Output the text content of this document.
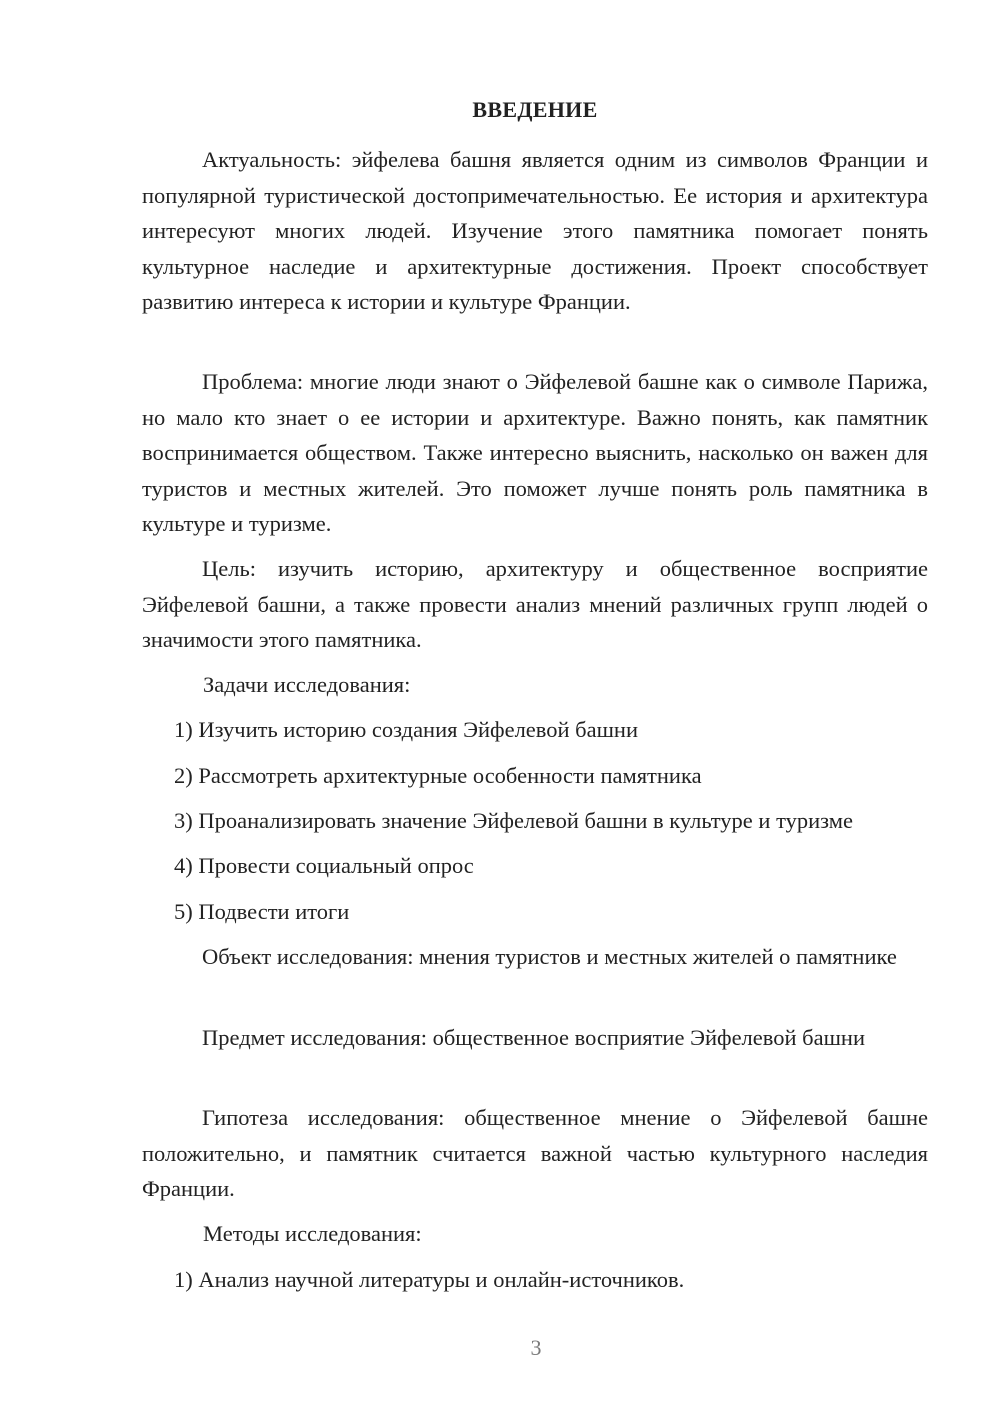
ВВЕДЕНИЕ

Актуальность: эйфелева башня является одним из символов Франции и популярной туристической достопримечательностью. Ее история и архитектура интересуют многих людей. Изучение этого памятника помогает понять культурное наследие и архитектурные достижения. Проект способствует развитию интереса к истории и культуре Франции.

Проблема: многие люди знают о Эйфелевой башне как о символе Парижа, но мало кто знает о ее истории и архитектуре. Важно понять, как памятник воспринимается обществом. Также интересно выяснить, насколько он важен для туристов и местных жителей. Это поможет лучше понять роль памятника в культуре и туризме.

Цель: изучить историю, архитектуру и общественное восприятие Эйфелевой башни, а также провести анализ мнений различных групп людей о значимости этого памятника.

Задачи исследования:

1) Изучить историю создания Эйфелевой башни

2) Рассмотреть архитектурные особенности памятника

3) Проанализировать значение Эйфелевой башни в культуре и туризме

4) Провести социальный опрос

5) Подвести итоги

Объект исследования: мнения туристов и местных жителей о памятнике

Предмет исследования: общественное восприятие Эйфелевой башни

Гипотеза исследования: общественное мнение о Эйфелевой башне положительно, и памятник считается важной частью культурного наследия Франции.

Методы исследования:

1) Анализ научной литературы и онлайн-источников.

3
